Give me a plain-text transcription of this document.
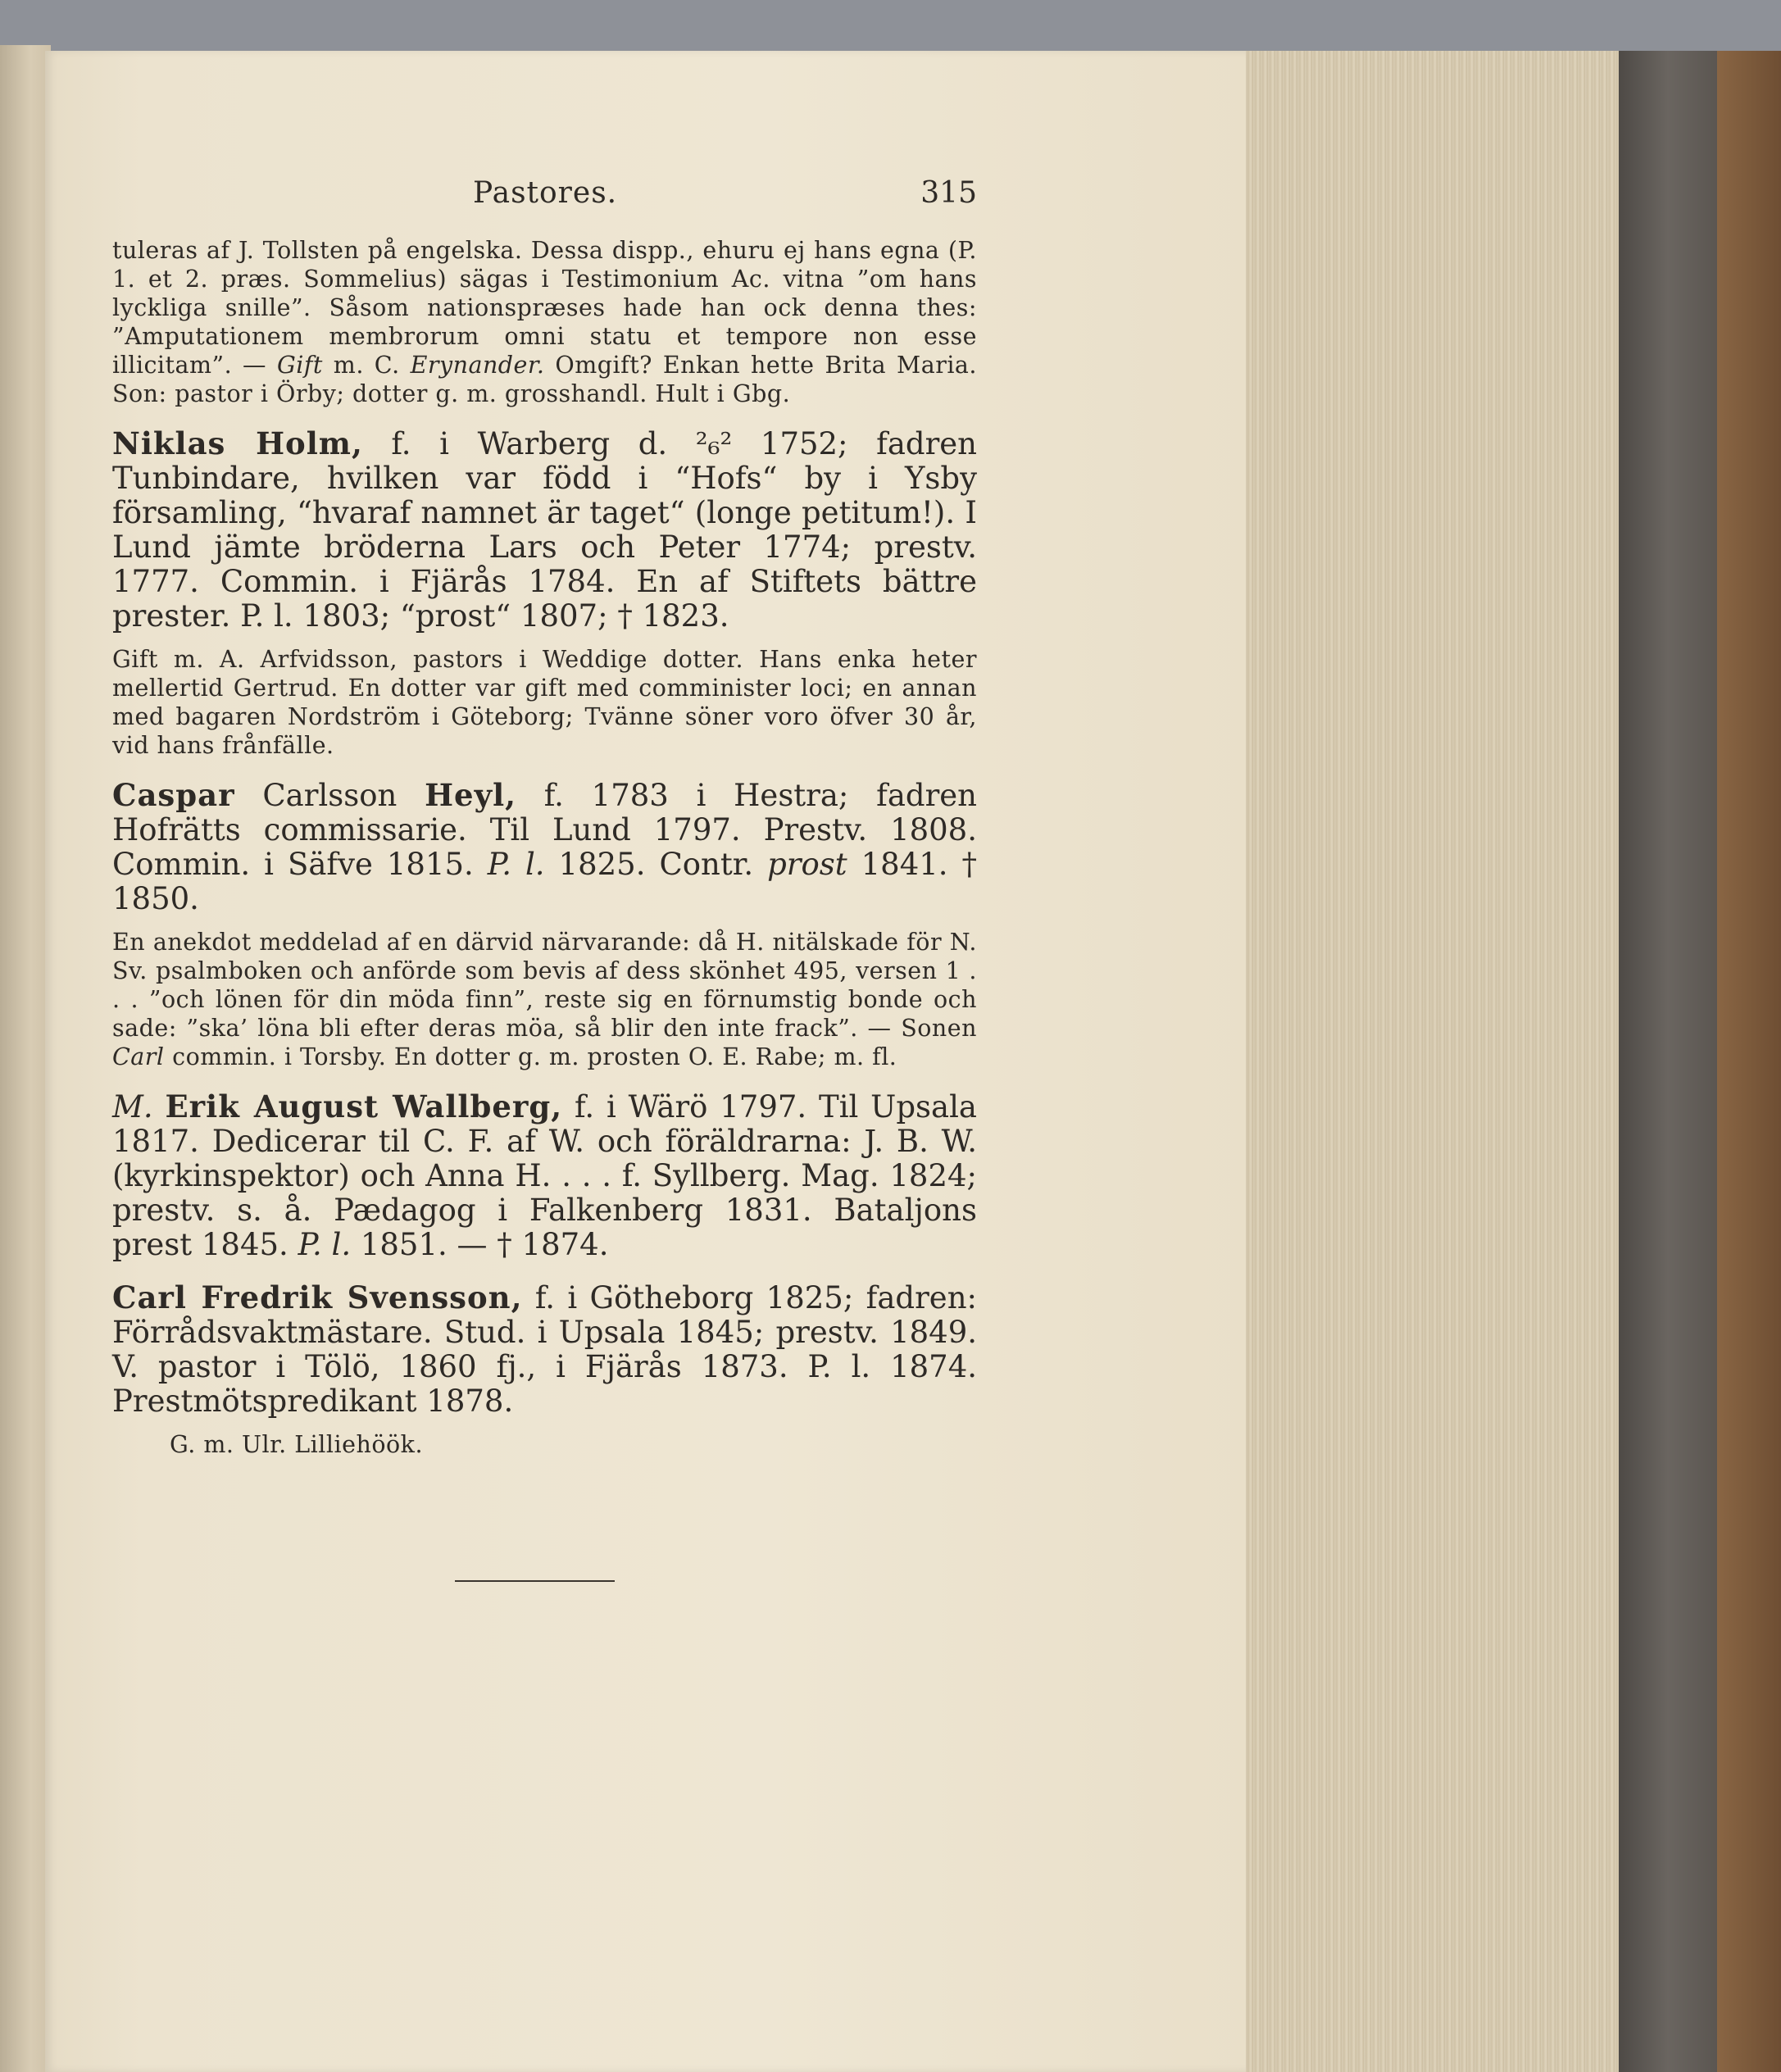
Pastores.	315

tuleras af J. Tollsten på engelska. Dessa dispp., ehuru ej hans egna (P. 1. et 2. præs. Sommelius) sägas i Testimonium Ac. vitna ”om hans lyckliga snille”. Såsom nationspræses hade han ock denna thes: ”Amputationem membrorum omni statu et tempore non esse illicitam”. — Gift m. C. Erynander. Omgift? Enkan hette Brita Maria. Son: pastor i Örby; dotter g. m. grosshandl. Hult i Gbg.

Niklas Holm, f. i Warberg d. ²₆² 1752; fadren Tunbindare, hvilken var född i “Hofs“ by i Ysby församling, “hvaraf namnet är taget“ (longe petitum!). I Lund jämte bröderna Lars och Peter 1774; prestv. 1777. Commin. i Fjärås 1784. En af Stiftets bättre prester. P. l. 1803; “prost“ 1807; † 1823.

Gift m. A. Arfvidsson, pastors i Weddige dotter. Hans enka heter mellertid Gertrud. En dotter var gift med comminister loci; en annan med bagaren Nordström i Göteborg; Tvänne söner voro öfver 30 år, vid hans frånfälle.

Caspar Carlsson Heyl, f. 1783 i Hestra; fadren Hofrätts commissarie. Til Lund 1797. Prestv. 1808. Commin. i Säfve 1815. P. l. 1825. Contr. prost 1841. † 1850.

En anekdot meddelad af en därvid närvarande: då H. nitälskade för N. Sv. psalmboken och anförde som bevis af dess skönhet 495, versen 1 . . . ”och lönen för din möda finn”, reste sig en förnumstig bonde och sade: ”ska’ löna bli efter deras möa, så blir den inte frack”. — Sonen Carl commin. i Torsby. En dotter g. m. prosten O. E. Rabe; m. fl.

M. Erik August Wallberg, f. i Wärö 1797. Til Upsala 1817. Dedicerar til C. F. af W. och föräldrarna: J. B. W. (kyrkinspektor) och Anna H. . . . f. Syllberg. Mag. 1824; prestv. s. å. Pædagog i Falkenberg 1831. Bataljons prest 1845. P. l. 1851. — † 1874.

Carl Fredrik Svensson, f. i Götheborg 1825; fadren: Förrådsvaktmästare. Stud. i Upsala 1845; prestv. 1849. V. pastor i Tölö, 1860 fj., i Fjärås 1873. P. l. 1874. Prestmötspredikant 1878.

G. m. Ulr. Lilliehöök.
